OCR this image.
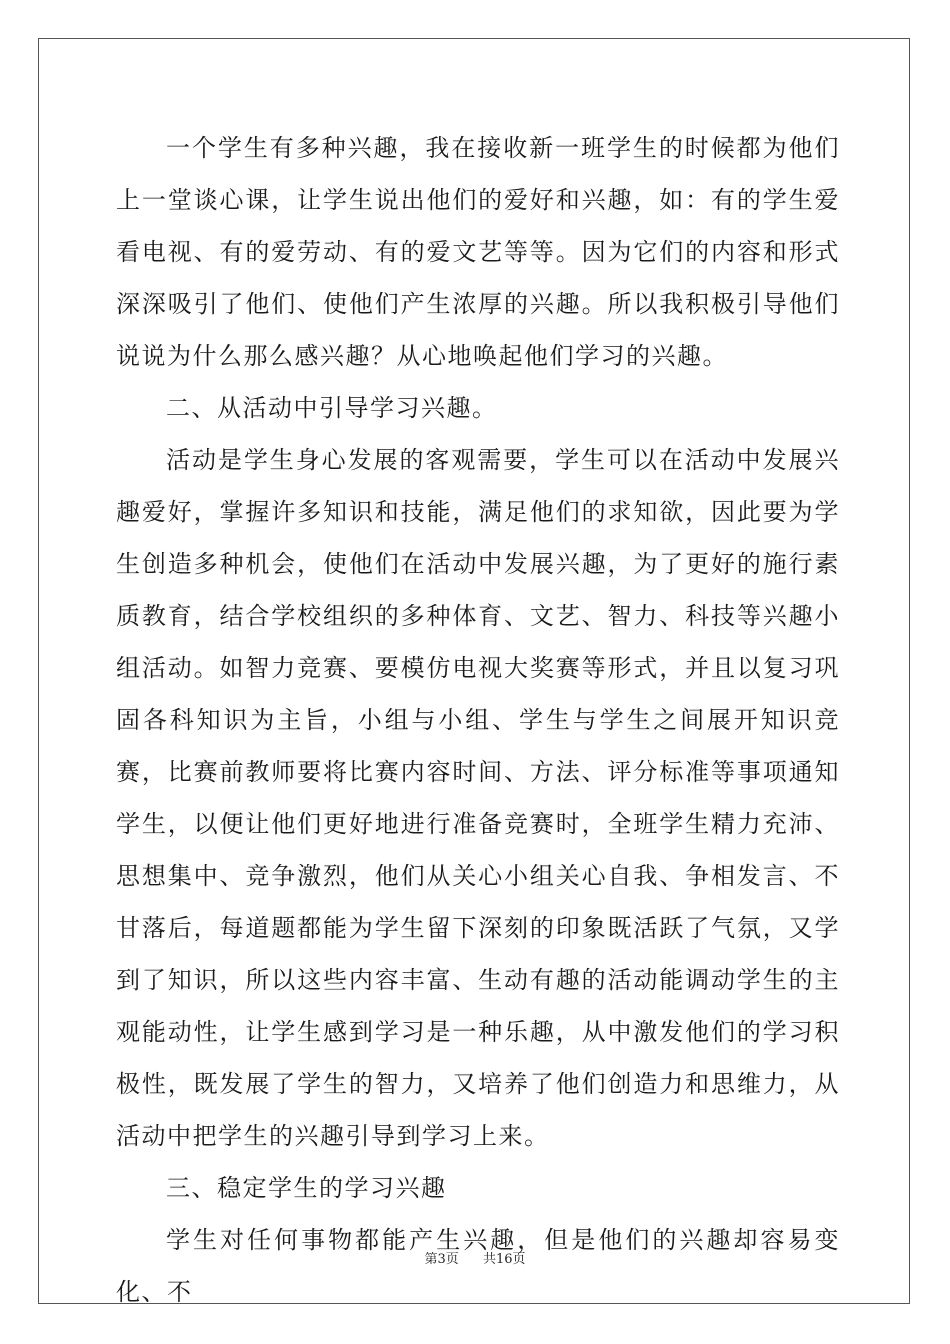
一个学生有多种兴趣，我在接收新一班学生的时候都为他们上一堂谈心课，让学生说出他们的爱好和兴趣，如：有的学生爱看电视、有的爱劳动、有的爱文艺等等。因为它们的内容和形式深深吸引了他们、使他们产生浓厚的兴趣。所以我积极引导他们说说为什么那么感兴趣？从心地唤起他们学习的兴趣。

二、从活动中引导学习兴趣。

活动是学生身心发展的客观需要，学生可以在活动中发展兴趣爱好，掌握许多知识和技能，满足他们的求知欲，因此要为学生创造多种机会，使他们在活动中发展兴趣，为了更好的施行素质教育，结合学校组织的多种体育、文艺、智力、科技等兴趣小组活动。如智力竞赛、要模仿电视大奖赛等形式，并且以复习巩固各科知识为主旨，小组与小组、学生与学生之间展开知识竞赛，比赛前教师要将比赛内容时间、方法、评分标准等事项通知学生，以便让他们更好地进行准备竞赛时，全班学生精力充沛、思想集中、竞争激烈，他们从关心小组关心自我、争相发言、不甘落后，每道题都能为学生留下深刻的印象既活跃了气氛，又学到了知识，所以这些内容丰富、生动有趣的活动能调动学生的主观能动性，让学生感到学习是一种乐趣，从中激发他们的学习积极性，既发展了学生的智力，又培养了他们创造力和思维力，从活动中把学生的兴趣引导到学习上来。

三、稳定学生的学习兴趣

学生对任何事物都能产生兴趣，但是他们的兴趣却容易变化、不

第3页 共16页
